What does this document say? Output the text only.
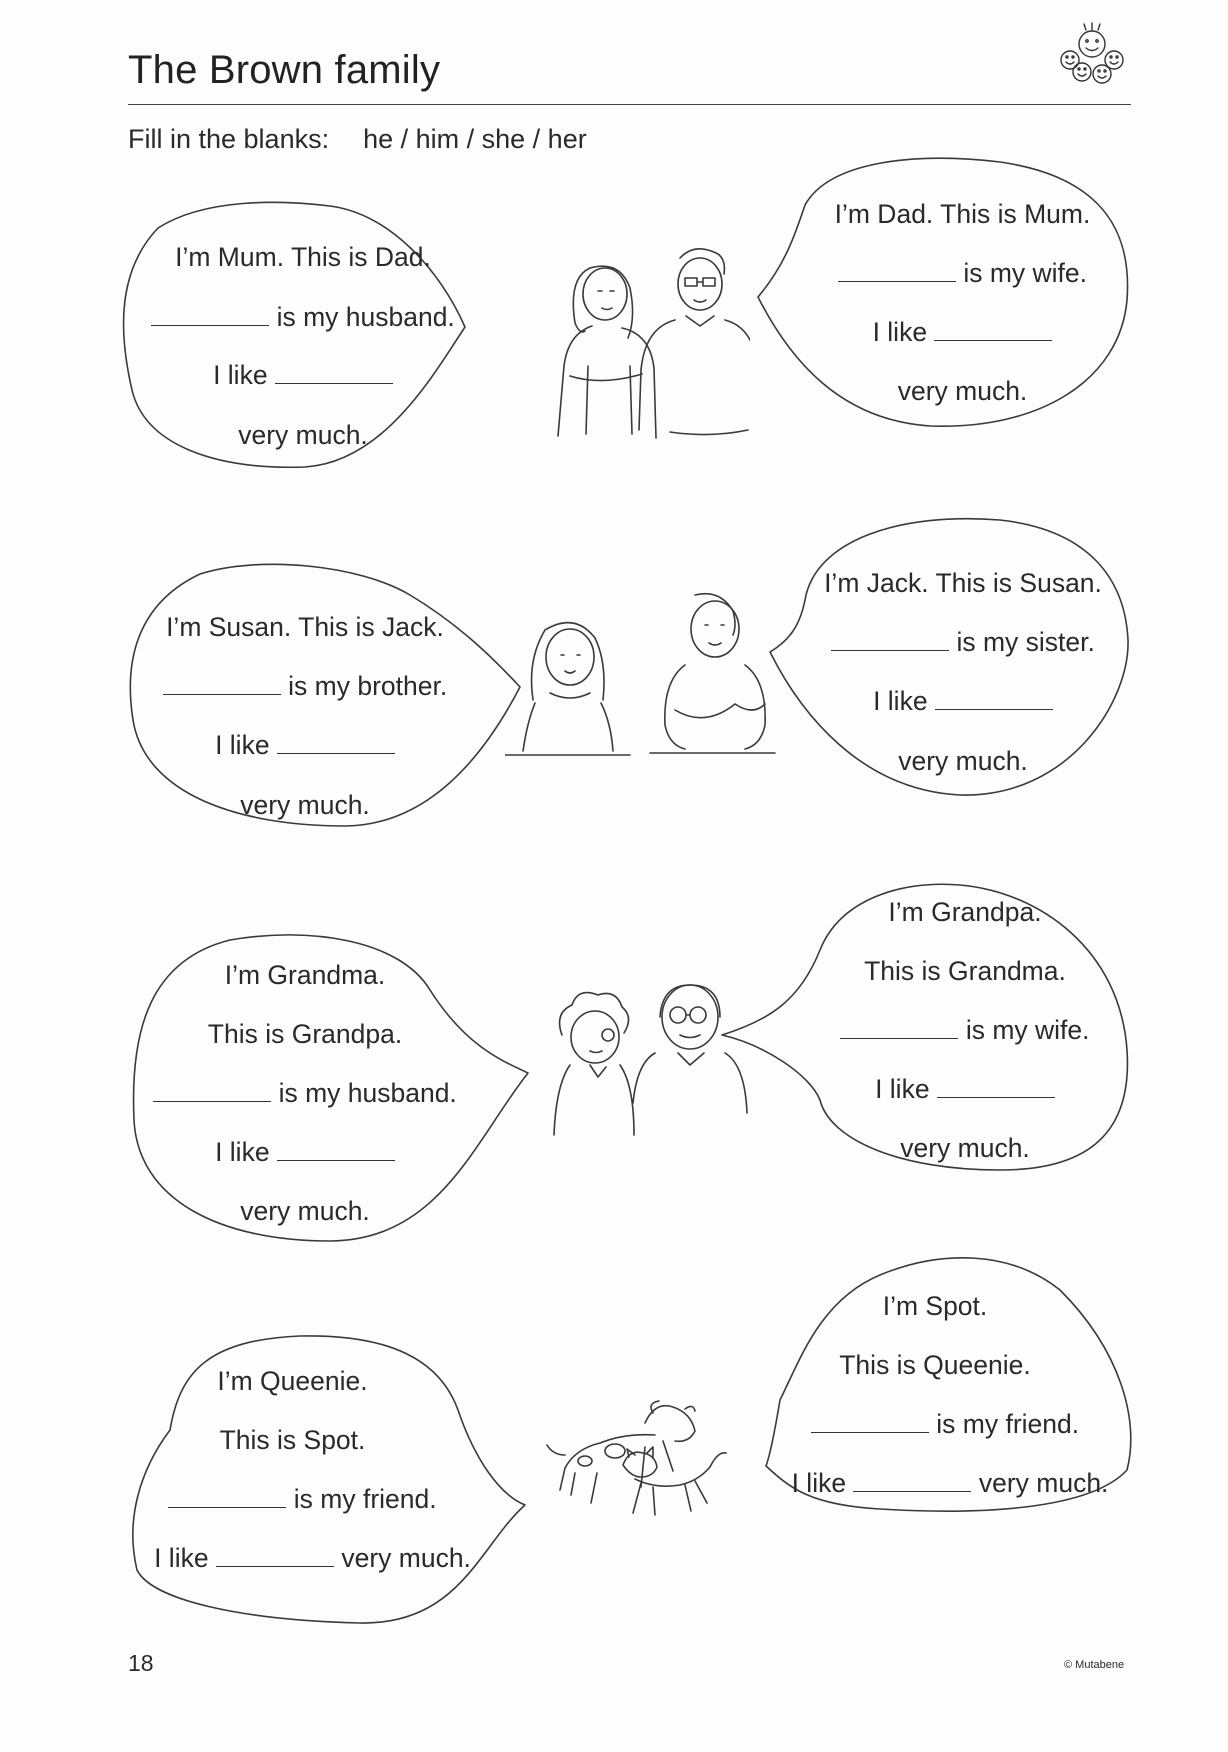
The Brown family
Fill in the blanks: he / him / she / her
I’m Mum. This is Dad.
is my husband.
I like
very much.
I’m Dad. This is Mum.
is my wife.
I like
very much.
I’m Susan. This is Jack.
is my brother.
I like
very much.
I’m Jack. This is Susan.
is my sister.
I like
very much.
I’m Grandma.
This is Grandpa.
is my husband.
I like
very much.
I’m Grandpa.
This is Grandma.
is my wife.
I like
very much.
I’m Queenie.
This is Spot.
is my friend.
I like	very much.
I’m Spot.
This is Queenie.
is my friend.
I like	very much.
18	© Mutabene
